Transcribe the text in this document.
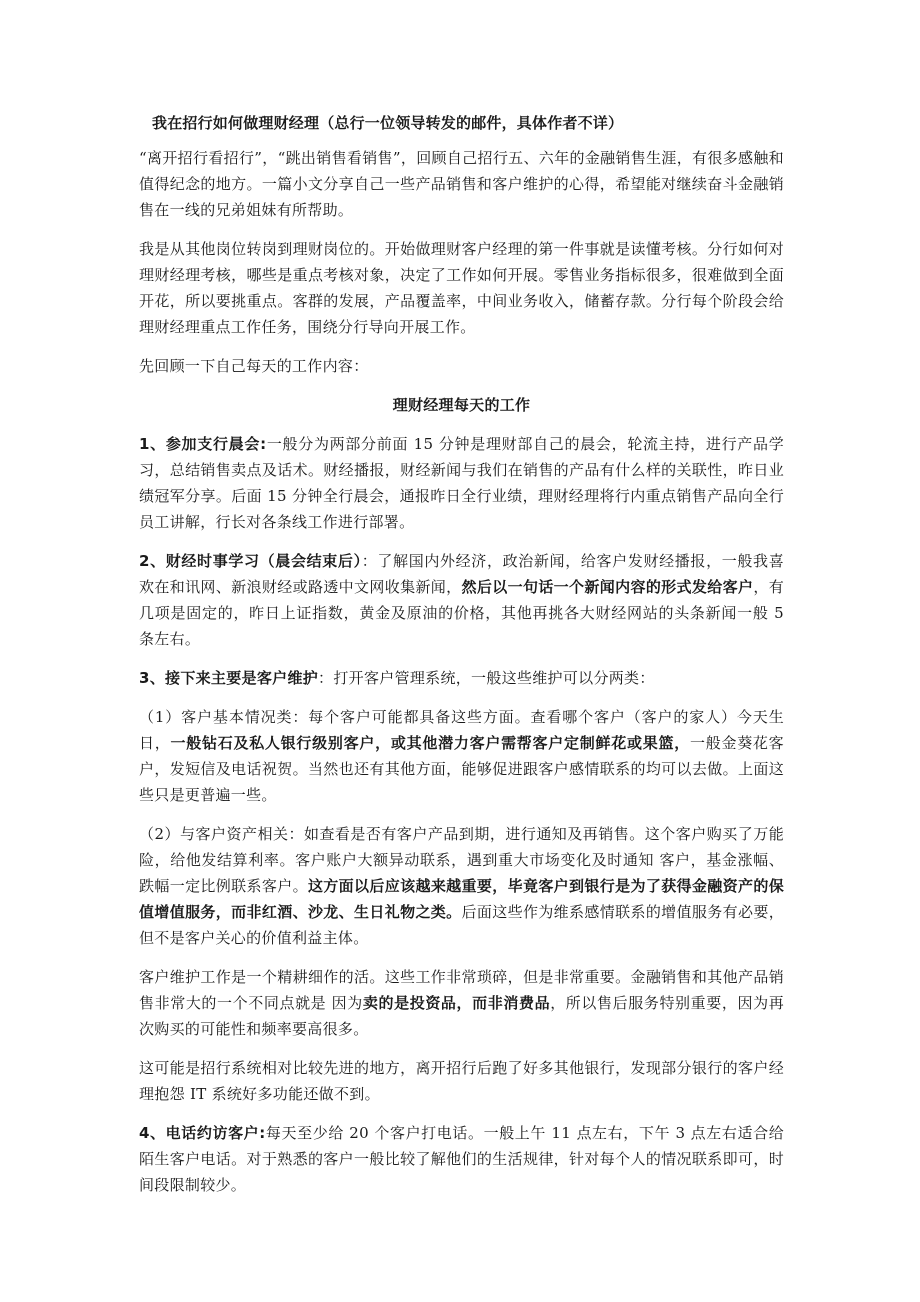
我在招行如何做理财经理（总行一位领导转发的邮件，具体作者不详）

“离开招行看招行”，“跳出销售看销售”，回顾自己招行五、六年的金融销售生涯，有很多感触和值得纪念的地方。一篇小文分享自己一些产品销售和客户维护的心得，希望能对继续奋斗金融销售在一线的兄弟姐妹有所帮助。

我是从其他岗位转岗到理财岗位的。开始做理财客户经理的第一件事就是读懂考核。分行如何对理财经理考核，哪些是重点考核对象，决定了工作如何开展。零售业务指标很多，很难做到全面开花，所以要挑重点。客群的发展，产品覆盖率，中间业务收入，储蓄存款。分行每个阶段会给理财经理重点工作任务，围绕分行导向开展工作。

先回顾一下自己每天的工作内容：

理财经理每天的工作

1、参加支行晨会:一般分为两部分前面 15 分钟是理财部自己的晨会，轮流主持，进行产品学习，总结销售卖点及话术。财经播报，财经新闻与我们在销售的产品有什么样的关联性，昨日业绩冠军分享。后面 15 分钟全行晨会，通报昨日全行业绩，理财经理将行内重点销售产品向全行员工讲解，行长对各条线工作进行部署。

2、财经时事学习（晨会结束后）：了解国内外经济，政治新闻，给客户发财经播报，一般我喜欢在和讯网、新浪财经或路透中文网收集新闻，然后以一句话一个新闻内容的形式发给客户，有几项是固定的，昨日上证指数，黄金及原油的价格，其他再挑各大财经网站的头条新闻一般 5 条左右。

3、接下来主要是客户维护：打开客户管理系统，一般这些维护可以分两类：

（1）客户基本情况类：每个客户可能都具备这些方面。查看哪个客户（客户的家人）今天生日，一般钻石及私人银行级别客户，或其他潜力客户需帮客户定制鲜花或果篮，一般金葵花客户，发短信及电话祝贺。当然也还有其他方面，能够促进跟客户感情联系的均可以去做。上面这些只是更普遍一些。

（2）与客户资产相关：如查看是否有客户产品到期，进行通知及再销售。这个客户购买了万能险，给他发结算利率。客户账户大额异动联系，遇到重大市场变化及时通知 客户，基金涨幅、跌幅一定比例联系客户。这方面以后应该越来越重要，毕竟客户到银行是为了获得金融资产的保值增值服务，而非红酒、沙龙、生日礼物之类。后面这些作为维系感情联系的增值服务有必要，但不是客户关心的价值利益主体。

客户维护工作是一个精耕细作的活。这些工作非常琐碎，但是非常重要。金融销售和其他产品销售非常大的一个不同点就是 因为卖的是投资品，而非消费品，所以售后服务特别重要，因为再次购买的可能性和频率要高很多。

这可能是招行系统相对比较先进的地方，离开招行后跑了好多其他银行，发现部分银行的客户经理抱怨 IT 系统好多功能还做不到。

4、电话约访客户:每天至少给 20 个客户打电话。一般上午 11 点左右，下午 3 点左右适合给陌生客户电话。对于熟悉的客户一般比较了解他们的生活规律，针对每个人的情况联系即可，时间段限制较少。
